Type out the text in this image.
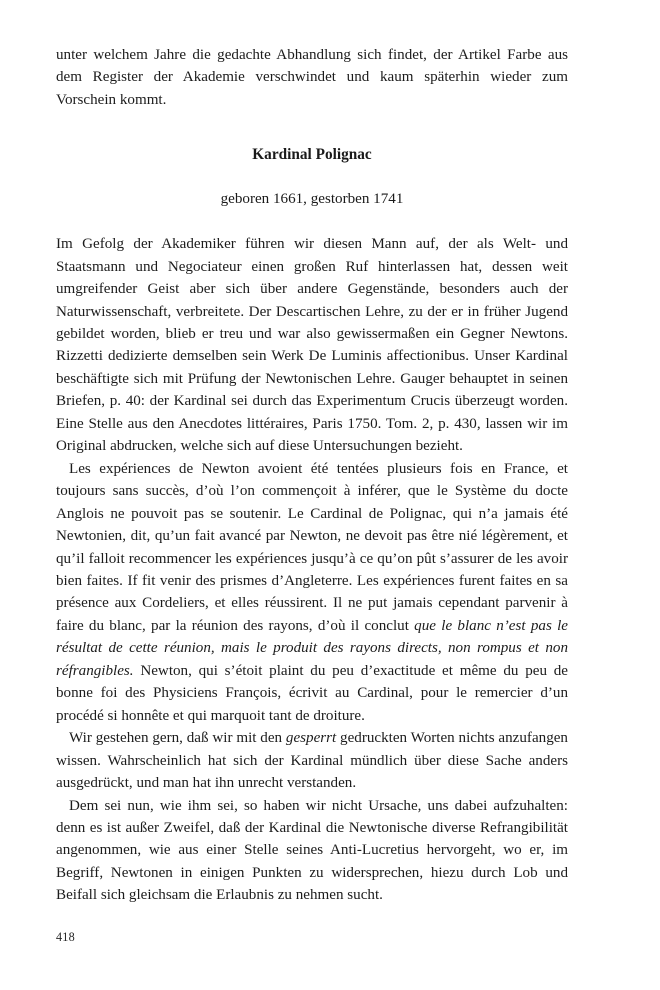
unter welchem Jahre die gedachte Abhandlung sich findet, der Artikel Farbe aus dem Register der Akademie verschwindet und kaum späterhin wieder zum Vorschein kommt.

Kardinal Polignac
geboren 1661, gestorben 1741

Im Gefolg der Akademiker führen wir diesen Mann auf, der als Welt- und Staatsmann und Negociateur einen großen Ruf hinterlassen hat, dessen weit umgreifender Geist aber sich über andere Gegenstände, besonders auch der Naturwissenschaft, verbreitete. Der Descartischen Lehre, zu der er in früher Jugend gebildet worden, blieb er treu und war also gewissermaßen ein Gegner Newtons. Rizzetti dedizierte demselben sein Werk De Luminis affectionibus. Unser Kardinal beschäftigte sich mit Prüfung der Newtonischen Lehre. Gauger behauptet in seinen Briefen, p. 40: der Kardinal sei durch das Experimentum Crucis überzeugt worden. Eine Stelle aus den Anecdotes littéraires, Paris 1750. Tom. 2, p. 430, lassen wir im Original abdrucken, welche sich auf diese Untersuchungen bezieht.

Les expériences de Newton avoient été tentées plusieurs fois en France, et toujours sans succès, d’où l’on commençoit à inférer, que le Système du docte Anglois ne pouvoit pas se soutenir. Le Cardinal de Polignac, qui n’a jamais été Newtonien, dit, qu’un fait avancé par Newton, ne devoit pas être nié légèrement, et qu’il falloit recommencer les expériences jusqu’à ce qu’on pût s’assurer de les avoir bien faites. If fit venir des prismes d’Angleterre. Les expériences furent faites en sa présence aux Cordeliers, et elles réussirent. Il ne put jamais cependant parvenir à faire du blanc, par la réunion des rayons, d’où il conclut que le blanc n’est pas le résultat de cette réunion, mais le produit des rayons directs, non rompus et non réfrangibles. Newton, qui s’étoit plaint du peu d’exactitude et même du peu de bonne foi des Physiciens François, écrivit au Cardinal, pour le remercier d’un procédé si honnête et qui marquoit tant de droiture.

Wir gestehen gern, daß wir mit den gesperrt gedruckten Worten nichts anzufangen wissen. Wahrscheinlich hat sich der Kardinal mündlich über diese Sache anders ausgedrückt, und man hat ihn unrecht verstanden.

Dem sei nun, wie ihm sei, so haben wir nicht Ursache, uns dabei aufzuhalten: denn es ist außer Zweifel, daß der Kardinal die Newtonische diverse Refrangibilität angenommen, wie aus einer Stelle seines Anti-Lucretius hervorgeht, wo er, im Begriff, Newtonen in einigen Punkten zu widersprechen, hiezu durch Lob und Beifall sich gleichsam die Erlaubnis zu nehmen sucht.

418
